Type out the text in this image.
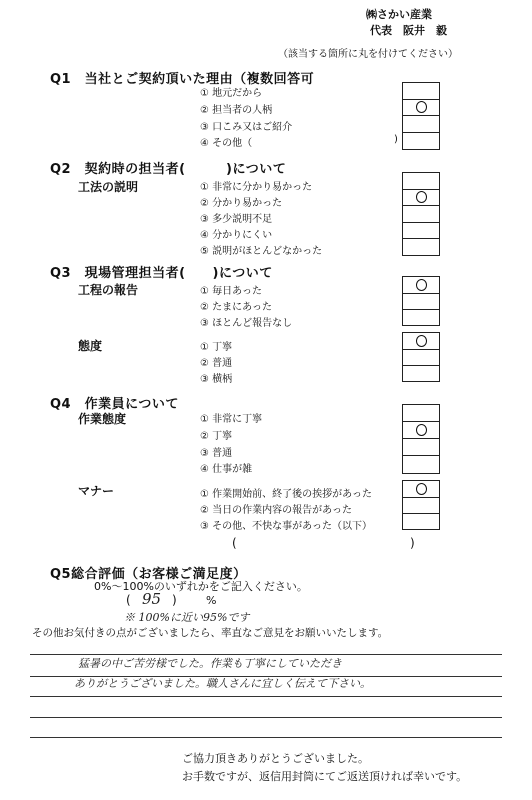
㈱さかい産業
代表　阪井　毅
（該当する箇所に丸を付けてください）
Q1　当社とご契約頂いた理由（複数回答可
① 地元だから
② 担当者の人柄
③ 口こみ又はご紹介
④ その他（	)
Q2　契約時の担当者(　　　)について
工法の説明	① 非常に分かり易かった
② 分かり易かった
③ 多少説明不足
④ 分かりにくい
⑤ 説明がほとんどなかった
Q3　現場管理担当者(　　)について
工程の報告	① 毎日あった
② たまにあった
③ ほとんど報告なし
態度	① 丁寧
② 普通
③ 横柄
Q4　作業員について
作業態度	① 非常に丁寧
② 丁寧
③ 普通
④ 仕事が雑
マナー	① 作業開始前、終了後の挨拶があった
② 当日の作業内容の報告があった
③ その他、不快な事があった（以下）
(	)
Q5総合評価（お客様ご満足度）
0%～100%のいずれかをご記入ください。
( 95 )	%
※ 100%に近い95%です
その他お気付きの点がございましたら、率直なご意見をお願いいたします。
猛暑の中ご苦労様でした。作業も丁寧にしていただき
ありがとうございました。職人さんに宜しく伝えて下さい。
ご協力頂きありがとうございました。
お手数ですが、返信用封筒にてご返送頂ければ幸いです。
